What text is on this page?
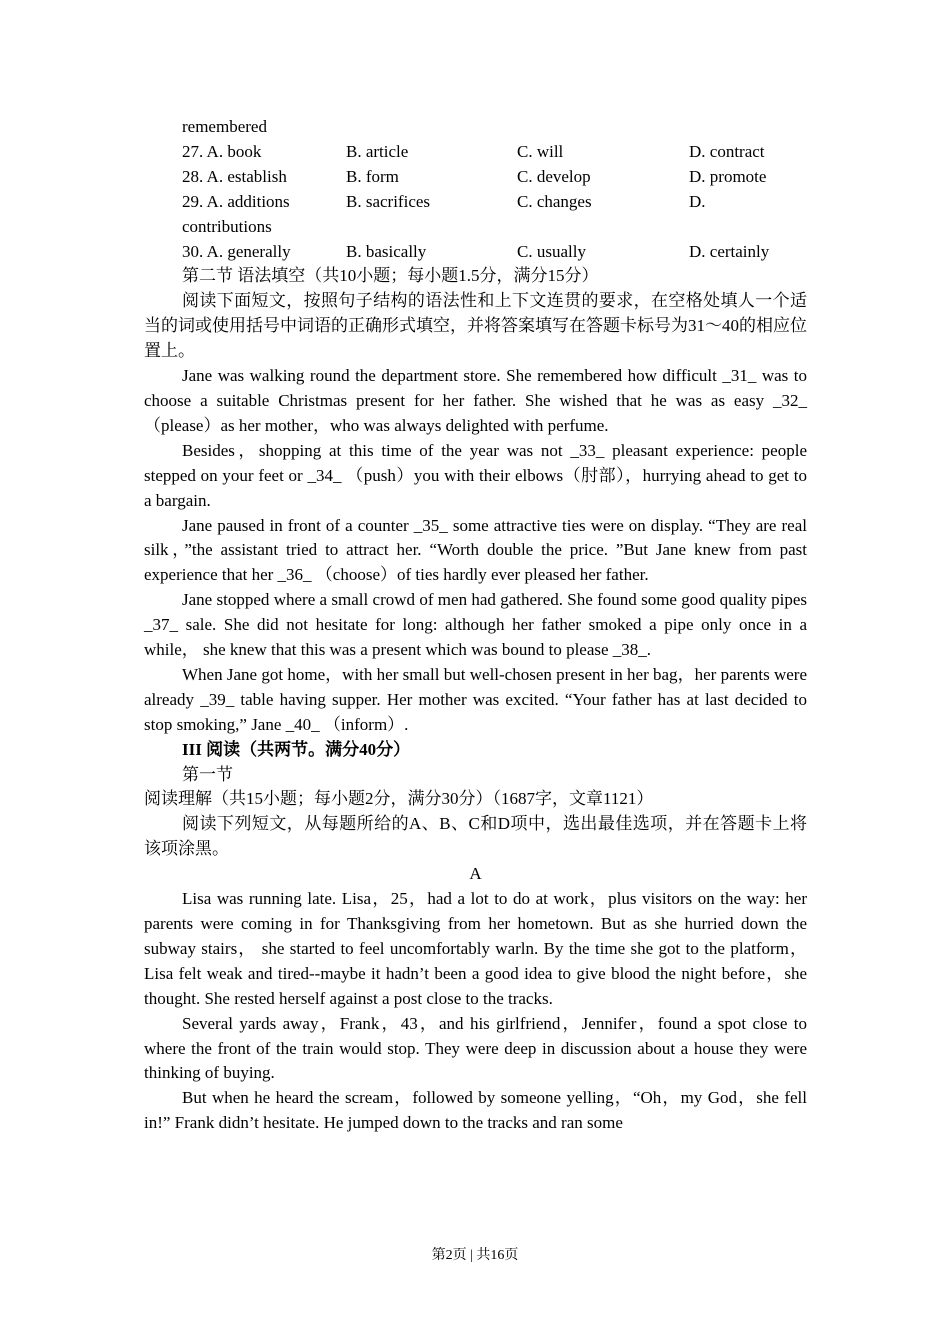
remembered
27. A. book	B. article	C. will	D. contract
28. A. establish	B. form	C. develop	D. promote
29. A. additions	B. sacrifices	C. changes	D.
contributions
30. A. generally	B. basically	C. usually	D. certainly
第二节 语法填空（共10小题；每小题1.5分，满分15分）
阅读下面短文，按照句子结构的语法性和上下文连贯的要求，在空格处填人一个适当的词或使用括号中词语的正确形式填空，并将答案填写在答题卡标号为31～40的相应位置上。
Jane was walking round the department store. She remembered how difficult _31_ was to choose a suitable Christmas present for her father. She wished that he was as easy _32_ （please）as her mother，who was always delighted with perfume.
Besides，shopping at this time of the year was not _33_ pleasant experience: people stepped on your feet or _34_ （push）you with their elbows（肘部），hurrying ahead to get to a bargain.
Jane paused in front of a counter _35_ some attractive ties were on display. “They are real silk，”the assistant tried to attract her. “Worth double the price. ”But Jane knew from past experience that her _36_ （choose）of ties hardly ever pleased her father.
Jane stopped where a small crowd of men had gathered. She found some good quality pipes _37_ sale. She did not hesitate for long: although her father smoked a pipe only once in a while， she knew that this was a present which was bound to please _38_.
When Jane got home，with her small but well-chosen present in her bag，her parents were already _39_ table having supper. Her mother was excited. “Your father has at last decided to stop smoking,” Jane _40_ （inform）.
III 阅读（共两节。满分40分）
第一节
阅读理解（共15小题；每小题2分，满分30分）（1687字，文章1121）
阅读下列短文，从每题所给的A、B、C和D项中，选出最佳选项，并在答题卡上将该项涂黑。
A
Lisa was running late. Lisa，25，had a lot to do at work，plus visitors on the way: her parents were coming in for Thanksgiving from her hometown. But as she hurried down the subway stairs， she started to feel uncomfortably warln. By the time she got to the platform，Lisa felt weak and tired--maybe it hadn’t been a good idea to give blood the night before，she thought. She rested herself against a post close to the tracks.
Several yards away，Frank，43，and his girlfriend，Jennifer，found a spot close to where the front of the train would stop. They were deep in discussion about a house they were thinking of buying.
But when he heard the scream，followed by someone yelling，“Oh，my God，she fell in!” Frank didn’t hesitate. He jumped down to the tracks and ran some
第2页 | 共16页
